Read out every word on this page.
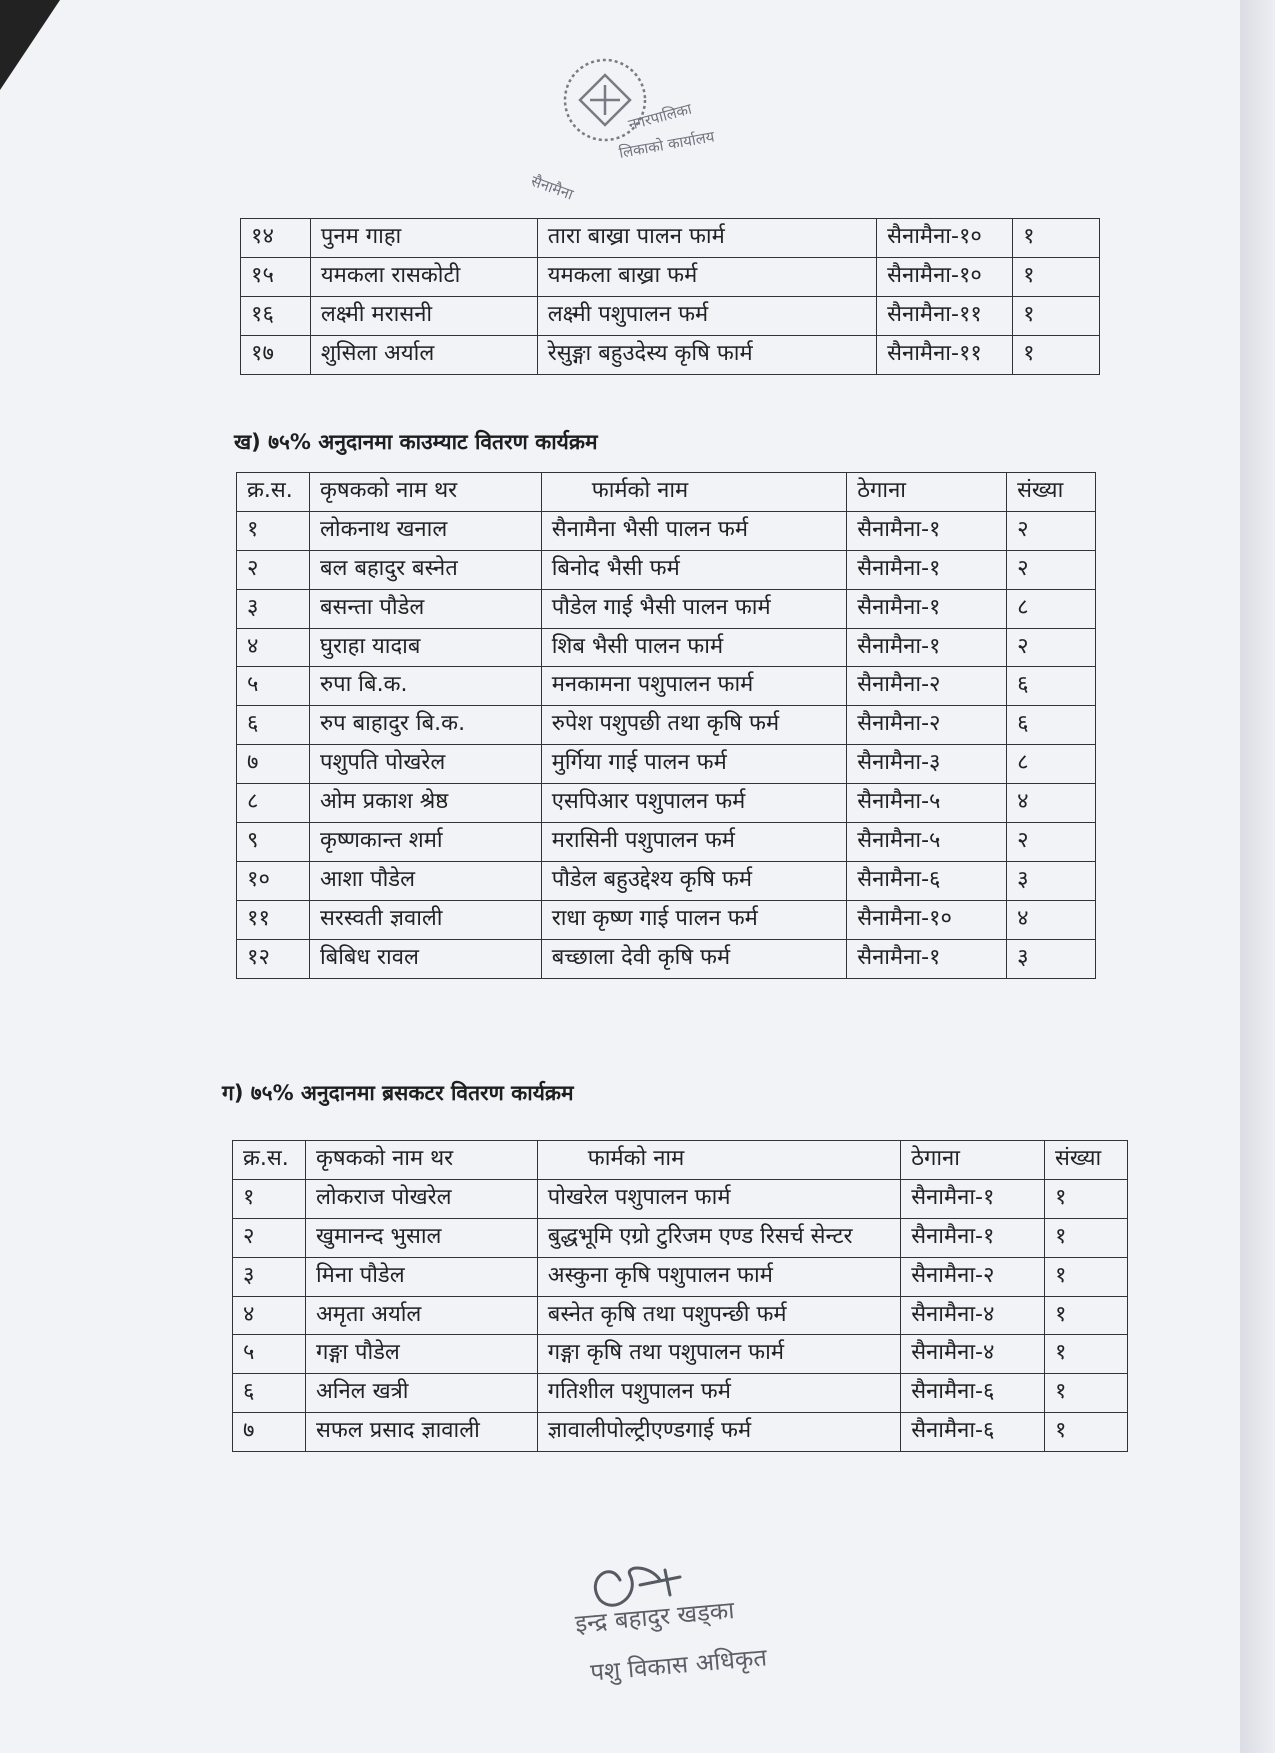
नगरपालिका
लिकाको कार्यालय
सैनामैना
१४	पुनम गाहा	तारा बाख्रा पालन फार्म	सैनामैना-१०	१
१५	यमकला रासकोटी	यमकला बाख्रा फर्म	सैनामैना-१०	१
१६	लक्ष्मी मरासनी	लक्ष्मी पशुपालन फर्म	सैनामैना-११	१
१७	शुसिला अर्याल	रेसुङ्गा बहुउदेस्य कृषि फार्म	सैनामैना-११	१
ख) ७५% अनुदानमा काउम्याट वितरण कार्यक्रम
क्र.स.	कृषकको नाम थर	फार्मको नाम	ठेगाना	संख्या
१	लोकनाथ खनाल	सैनामैना भैसी पालन फर्म	सैनामैना-१	२
२	बल बहादुर बस्नेत	बिनोद भैसी फर्म	सैनामैना-१	२
३	बसन्ता पौडेल	पौडेल गाई भैसी पालन फार्म	सैनामैना-१	८
४	घुराहा यादाब	शिब भैसी पालन फार्म	सैनामैना-१	२
५	रुपा बि.क.	मनकामना पशुपालन फार्म	सैनामैना-२	६
६	रुप बाहादुर बि.क.	रुपेश पशुपछी तथा कृषि फर्म	सैनामैना-२	६
७	पशुपति पोखरेल	मुर्गिया गाई पालन फर्म	सैनामैना-३	८
८	ओम प्रकाश श्रेष्ठ	एसपिआर पशुपालन फर्म	सैनामैना-५	४
९	कृष्णकान्त शर्मा	मरासिनी पशुपालन फर्म	सैनामैना-५	२
१०	आशा पौडेल	पौडेल बहुउद्देश्य कृषि फर्म	सैनामैना-६	३
११	सरस्वती ज्ञवाली	राधा कृष्ण गाई पालन फर्म	सैनामैना-१०	४
१२	बिबिध रावल	बच्छाला देवी कृषि फर्म	सैनामैना-१	३
ग) ७५% अनुदानमा ब्रसकटर वितरण कार्यक्रम
क्र.स.	कृषकको नाम थर	फार्मको नाम	ठेगाना	संख्या
१	लोकराज पोखरेल	पोखरेल पशुपालन फार्म	सैनामैना-१	१
२	खुमानन्द भुसाल	बुद्धभूमि एग्रो टुरिजम एण्ड रिसर्च सेन्टर	सैनामैना-१	१
३	मिना पौडेल	अस्कुना कृषि पशुपालन फार्म	सैनामैना-२	१
४	अमृता अर्याल	बस्नेत कृषि तथा पशुपन्छी फर्म	सैनामैना-४	१
५	गङ्गा पौडेल	गङ्गा कृषि तथा पशुपालन फार्म	सैनामैना-४	१
६	अनिल खत्री	गतिशील पशुपालन फर्म	सैनामैना-६	१
७	सफल प्रसाद ज्ञावाली	ज्ञावालीपोल्ट्रीएण्डगाई फर्म	सैनामैना-६	१
इन्द्र बहादुर खड्का
पशु विकास अधिकृत
